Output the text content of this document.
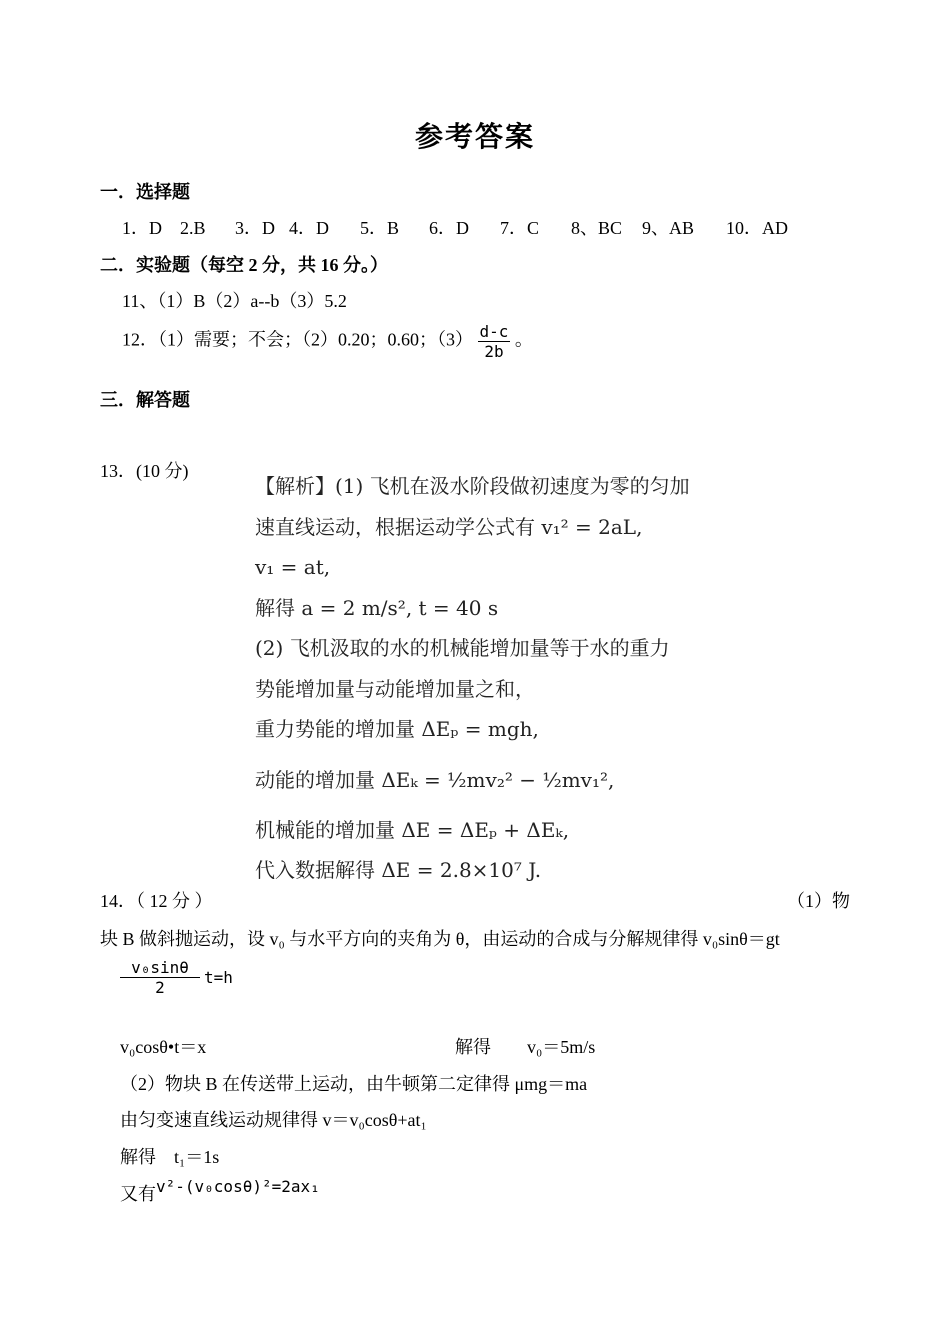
参考答案
一．选择题
1．D 2.B 3．D 4．D 5．B 6．D 7．C 8、BC 9、AB 10．AD
二．实验题（每空 2 分，共 16 分。）
11、（1）B（2）a--b（3）5.2
12．（1）需要；不会；（2）0.20；0.60；$(3) \frac{d-c}{2b}$ 。
三．解答题
13．(10 分)
【解析】(1) 飞机在汲水阶段做初速度为零的匀加
速直线运动，根据运动学公式有 v₁² = 2aL,
v₁ = at,
解得 a = 2 m/s², t = 40 s
(2) 飞机汲取的水的机械能增加量等于水的重力
势能增加量与动能增加量之和，
重力势能的增加量 ΔEₚ = mgh,
动能的增加量 ΔEₖ = ½mv₂² − ½mv₁²,
机械能的增加量 ΔE = ΔEₚ + ΔEₖ,
代入数据解得 ΔE = 2.8×10⁷ J.
14．（ 12 分 ）	（1）物
块 B 做斜抛运动，设 v₀ 与水平方向的夹角为 θ，由运动的合成与分解规律得 v₀sinθ＝gt
$\frac{\text{v₀sinθ}}{2} t=h$
v₀cosθ•t＝x	解得　　v₀＝5m/s
（2）物块 B 在传送带上运动，由牛顿第二定律得 μmg＝ma
由匀变速直线运动规律得 v＝v₀cosθ+at₁
解得　t₁＝1s
又有v²-(v₀cosθ)²=2ax₁
